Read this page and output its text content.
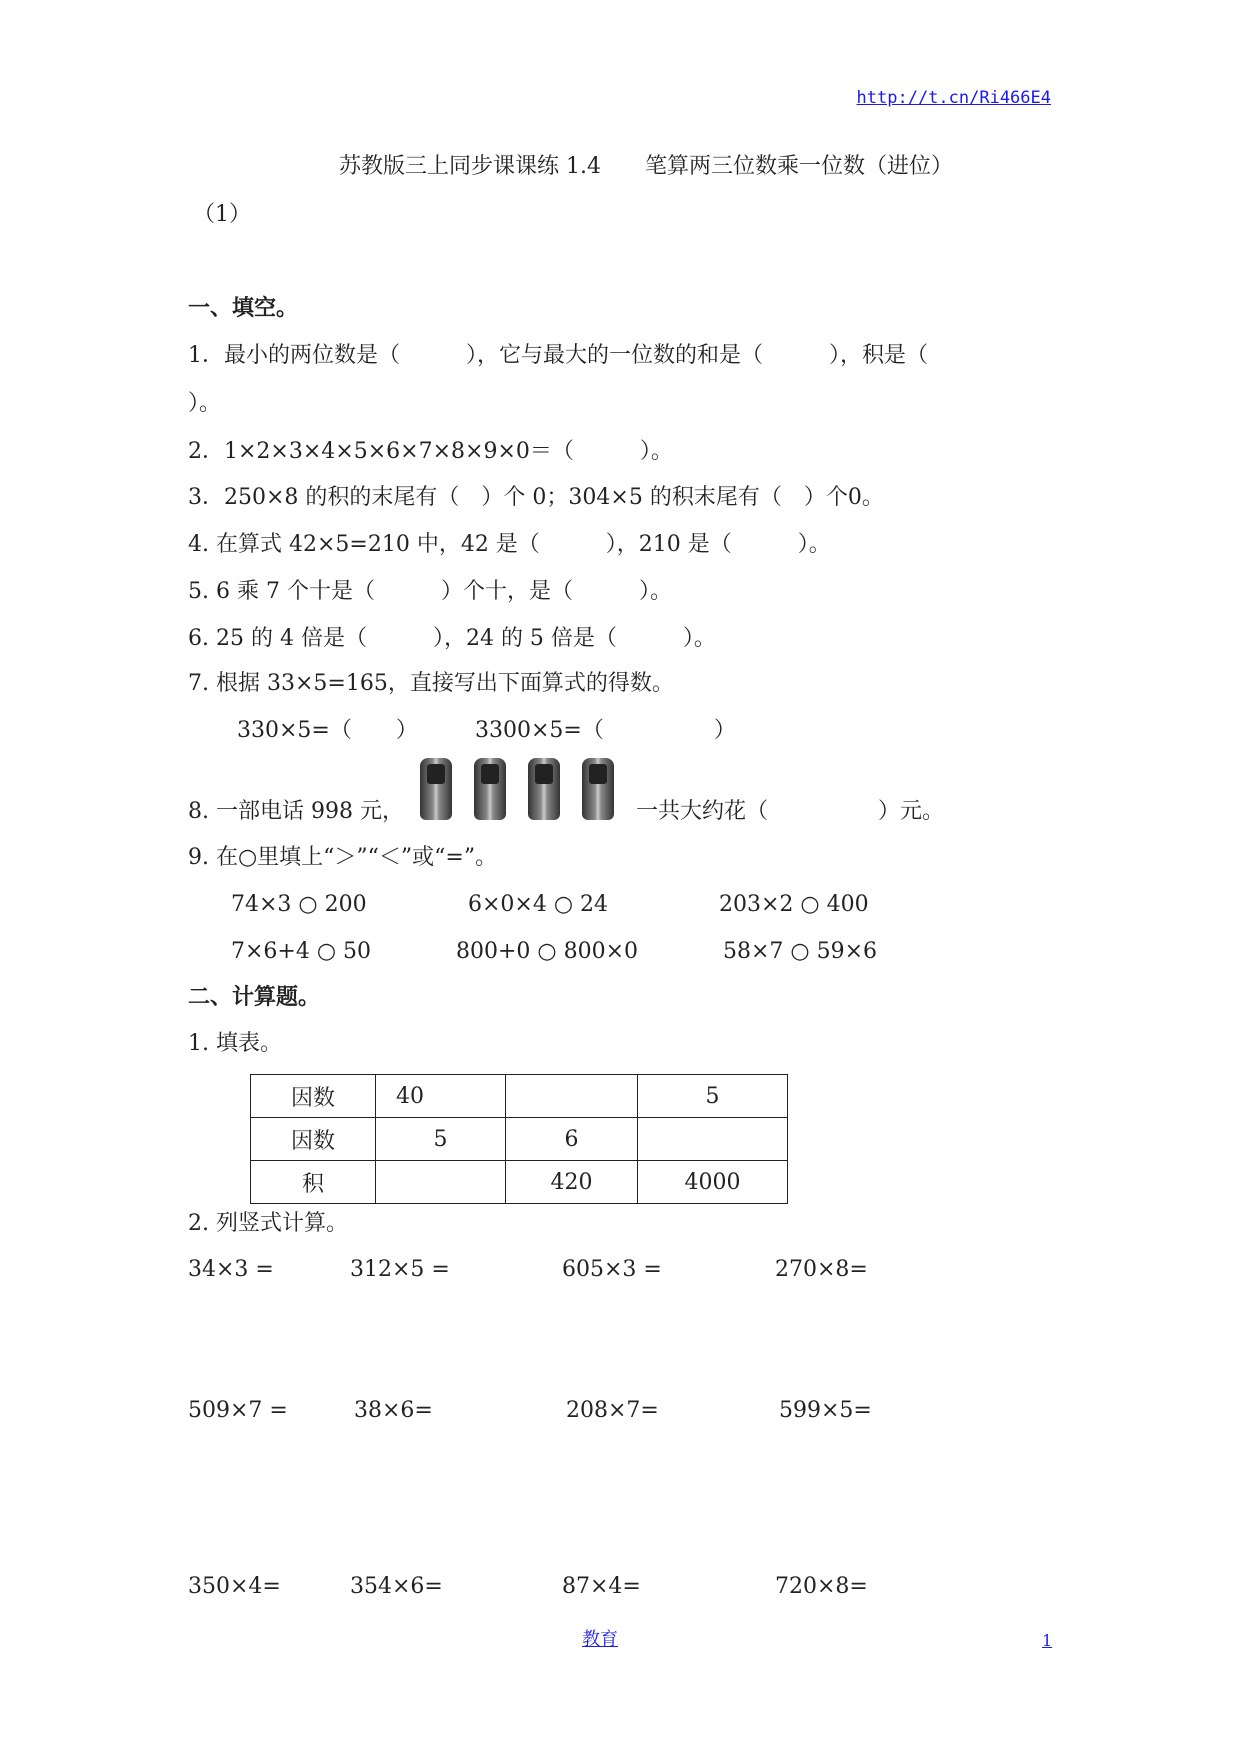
http://t.cn/Ri466E4
苏教版三上同步课课练 1.4　　笔算两三位数乘一位数（进位）
（1）
一、填空。
1．最小的两位数是（　　　），它与最大的一位数的和是（　　　），积是（
）。
2．1×2×3×4×5×6×7×8×9×0＝（　　　）。
3．250×8 的积的末尾有（　）个 0；304×5 的积末尾有（　）个0。
4. 在算式 42×5=210 中，42 是（　　　），210 是（　　　）。
5. 6 乘 7 个十是（　　　）个十，是（　　　）。
6. 25 的 4 倍是（　　　），24 的 5 倍是（　　　）。
7. 根据 33×5=165，直接写出下面算式的得数。
330×5=（　　）	3300×5=（　　　　　）
8. 一部电话 998 元，	一共大约花（　　　　　）元。
9. 在○里填上“＞”“＜”或“=”。
74×3 ○ 200	6×0×4 ○ 24	203×2 ○ 400
7×6+4 ○ 50	800+0 ○ 800×0	58×7 ○ 59×6
二、计算题。
1. 填表。
因数	40		5
因数	5	6	
积		420	4000
2. 列竖式计算。
34×3 =	312×5 =	605×3 =	270×8=
509×7 =	38×6=	208×7=	599×5=
350×4=	354×6=	87×4=	720×8=
教育	1
